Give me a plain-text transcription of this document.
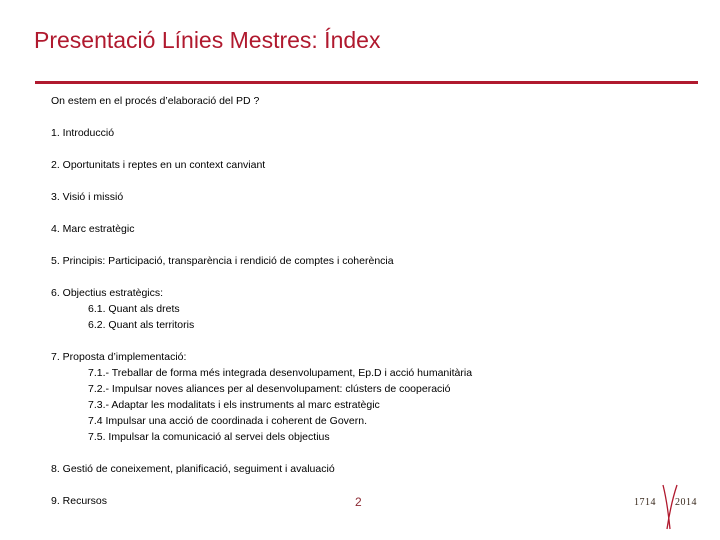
Presentació Línies Mestres: Índex
On estem en el procés d’elaboració del PD ?
1. Introducció
2. Oportunitats i reptes en un context canviant
3. Visió i missió
4. Marc estratègic
5. Principis: Participació, transparència i rendició de comptes i coherència
6. Objectius estratègics:
6.1. Quant als drets
6.2. Quant als territoris
7. Proposta d’implementació:
7.1.- Treballar de forma més integrada desenvolupament, Ep.D i acció humanitària
7.2.- Impulsar noves aliances per al desenvolupament: clústers de cooperació
7.3.- Adaptar les modalitats i els instruments al marc estratègic
7.4 Impulsar una acció de coordinada i coherent de Govern.
7.5. Impulsar la comunicació al servei dels objectius
8. Gestió de coneixement, planificació, seguiment i avaluació
9. Recursos	2	1714 2014
